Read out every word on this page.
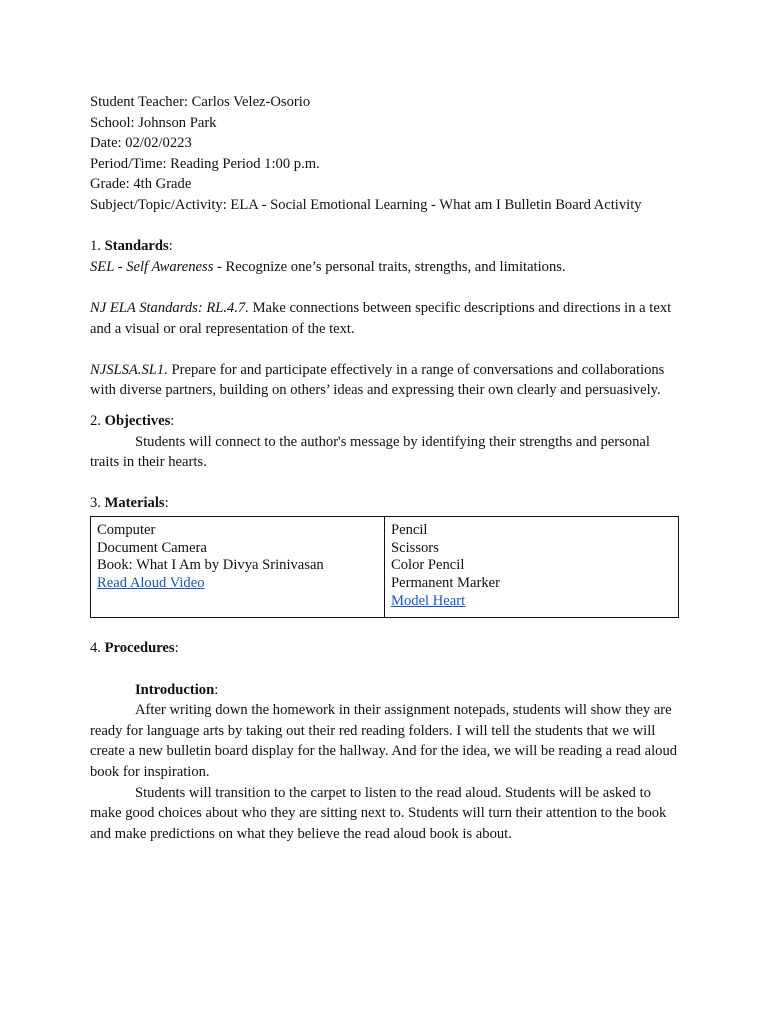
Student Teacher: Carlos Velez-Osorio
School: Johnson Park
Date: 02/02/0223
Period/Time: Reading Period 1:00 p.m.
Grade: 4th Grade
Subject/Topic/Activity: ELA - Social Emotional Learning - What am I Bulletin Board Activity
1. Standards:
SEL - Self Awareness - Recognize one’s personal traits, strengths, and limitations.
NJ ELA Standards: RL.4.7. Make connections between specific descriptions and directions in a text and a visual or oral representation of the text.
NJSLSA.SL1. Prepare for and participate effectively in a range of conversations and collaborations with diverse partners, building on others’ ideas and expressing their own clearly and persuasively.
2. Objectives:
Students will connect to the author's message by identifying their strengths and personal traits in their hearts.
3. Materials:
Computer
Document Camera
Book: What I Am by Divya Srinivasan
Read Aloud Video

Pencil
Scissors
Color Pencil
Permanent Marker
Model Heart
4. Procedures:
Introduction:
After writing down the homework in their assignment notepads, students will show they are ready for language arts by taking out their red reading folders. I will tell the students that we will create a new bulletin board display for the hallway. And for the idea, we will be reading a read aloud book for inspiration.
Students will transition to the carpet to listen to the read aloud. Students will be asked to make good choices about who they are sitting next to. Students will turn their attention to the book and make predictions on what they believe the read aloud book is about.
